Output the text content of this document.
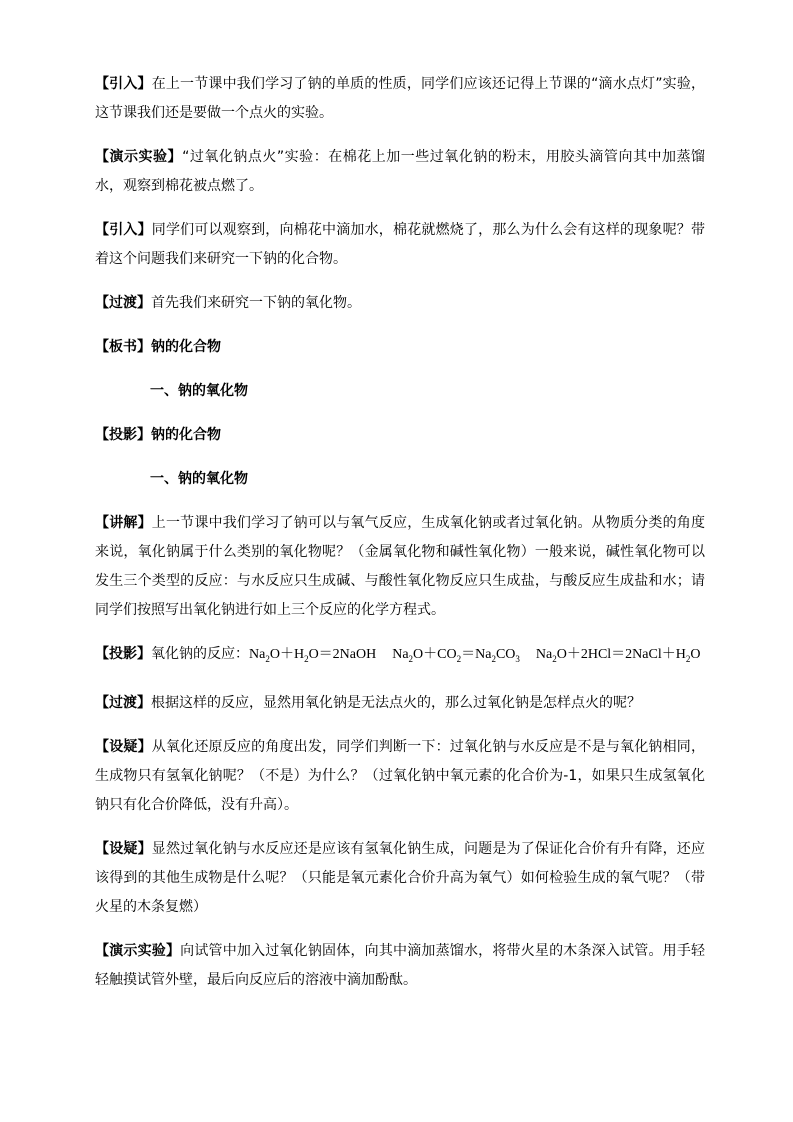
【引入】在上一节课中我们学习了钠的单质的性质，同学们应该还记得上节课的“滴水点灯”实验，这节课我们还是要做一个点火的实验。

【演示实验】“过氧化钠点火”实验：在棉花上加一些过氧化钠的粉末，用胶头滴管向其中加蒸馏水，观察到棉花被点燃了。

【引入】同学们可以观察到，向棉花中滴加水，棉花就燃烧了，那么为什么会有这样的现象呢？带着这个问题我们来研究一下钠的化合物。

【过渡】首先我们来研究一下钠的氧化物。

【板书】钠的化合物

一、钠的氧化物

【投影】钠的化合物

一、钠的氧化物

【讲解】上一节课中我们学习了钠可以与氧气反应，生成氧化钠或者过氧化钠。从物质分类的角度来说，氧化钠属于什么类别的氧化物呢？（金属氧化物和碱性氧化物）一般来说，碱性氧化物可以发生三个类型的反应：与水反应只生成碱、与酸性氧化物反应只生成盐，与酸反应生成盐和水；请同学们按照写出氧化钠进行如上三个反应的化学方程式。

【投影】氧化钠的反应：$Na_2O+H_2O=2NaOH$ $Na_2O+CO_2=Na_2CO_3$ $Na_2O+2HCl=2NaCl+H_2O$

【过渡】根据这样的反应，显然用氧化钠是无法点火的，那么过氧化钠是怎样点火的呢？

【设疑】从氧化还原反应的角度出发，同学们判断一下：过氧化钠与水反应是不是与氧化钠相同，生成物只有氢氧化钠呢？（不是）为什么？（过氧化钠中氧元素的化合价为-1，如果只生成氢氧化钠只有化合价降低，没有升高）。

【设疑】显然过氧化钠与水反应还是应该有氢氧化钠生成，问题是为了保证化合价有升有降，还应该得到的其他生成物是什么呢？（只能是氧元素化合价升高为氧气）如何检验生成的氧气呢？（带火星的木条复燃）

【演示实验】向试管中加入过氧化钠固体，向其中滴加蒸馏水，将带火星的木条深入试管。用手轻轻触摸试管外壁，最后向反应后的溶液中滴加酚酞。
